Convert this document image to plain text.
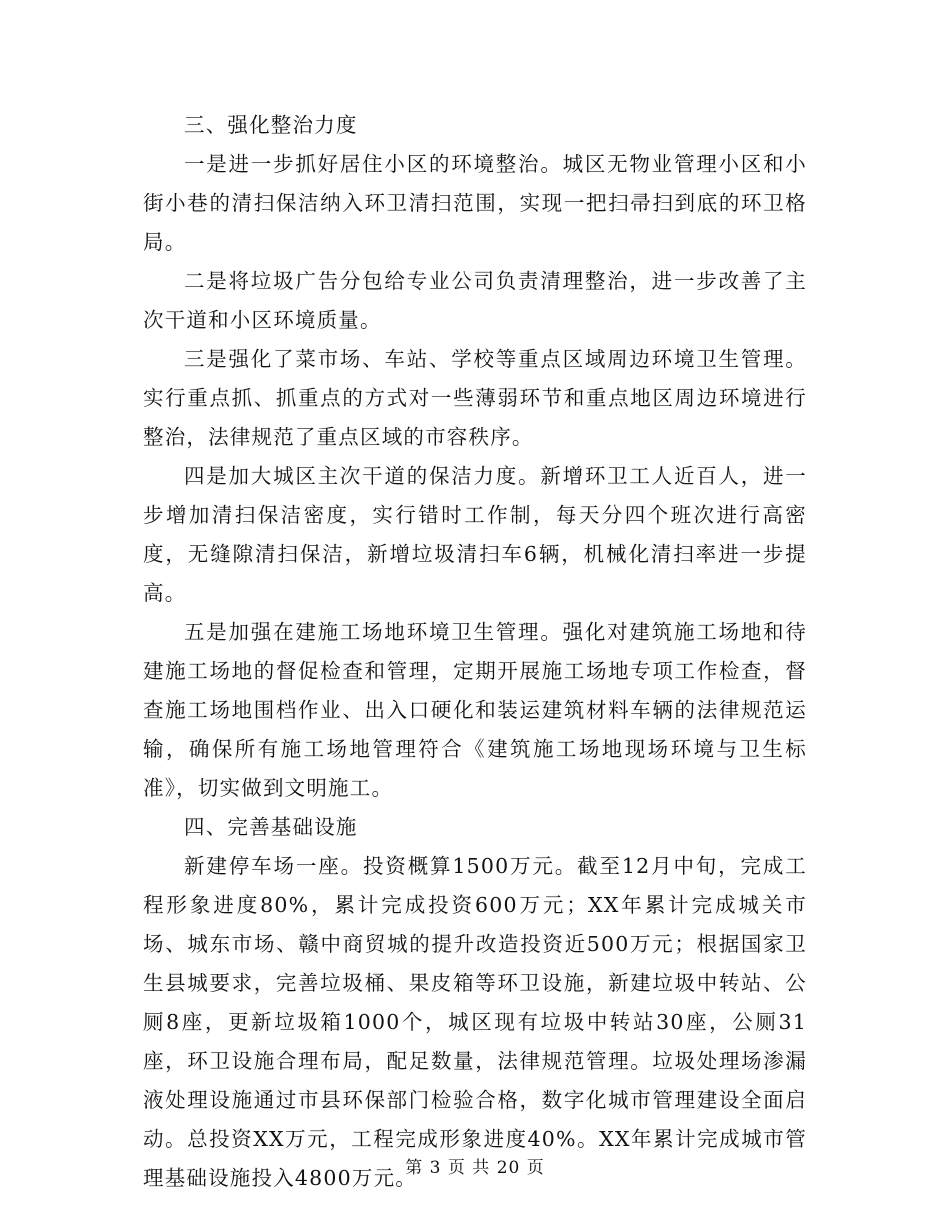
三、强化整治力度

一是进一步抓好居住小区的环境整治。城区无物业管理小区和小街小巷的清扫保洁纳入环卫清扫范围，实现一把扫帚扫到底的环卫格局。

二是将垃圾广告分包给专业公司负责清理整治，进一步改善了主次干道和小区环境质量。

三是强化了菜市场、车站、学校等重点区域周边环境卫生管理。实行重点抓、抓重点的方式对一些薄弱环节和重点地区周边环境进行整治，法律规范了重点区域的市容秩序。

四是加大城区主次干道的保洁力度。新增环卫工人近百人，进一步增加清扫保洁密度，实行错时工作制，每天分四个班次进行高密度，无缝隙清扫保洁，新增垃圾清扫车6辆，机械化清扫率进一步提高。

五是加强在建施工场地环境卫生管理。强化对建筑施工场地和待建施工场地的督促检查和管理，定期开展施工场地专项工作检查，督查施工场地围档作业、出入口硬化和装运建筑材料车辆的法律规范运输，确保所有施工场地管理符合《建筑施工场地现场环境与卫生标准》，切实做到文明施工。

四、完善基础设施

新建停车场一座。投资概算1500万元。截至12月中旬，完成工程形象进度80%，累计完成投资600万元；XX年累计完成城关市场、城东市场、赣中商贸城的提升改造投资近500万元；根据国家卫生县城要求，完善垃圾桶、果皮箱等环卫设施，新建垃圾中转站、公厕8座，更新垃圾箱1000个，城区现有垃圾中转站30座，公厕31座，环卫设施合理布局，配足数量，法律规范管理。垃圾处理场渗漏液处理设施通过市县环保部门检验合格，数字化城市管理建设全面启动。总投资XX万元，工程完成形象进度40%。XX年累计完成城市管理基础设施投入4800万元。

第 3 页 共 20 页
